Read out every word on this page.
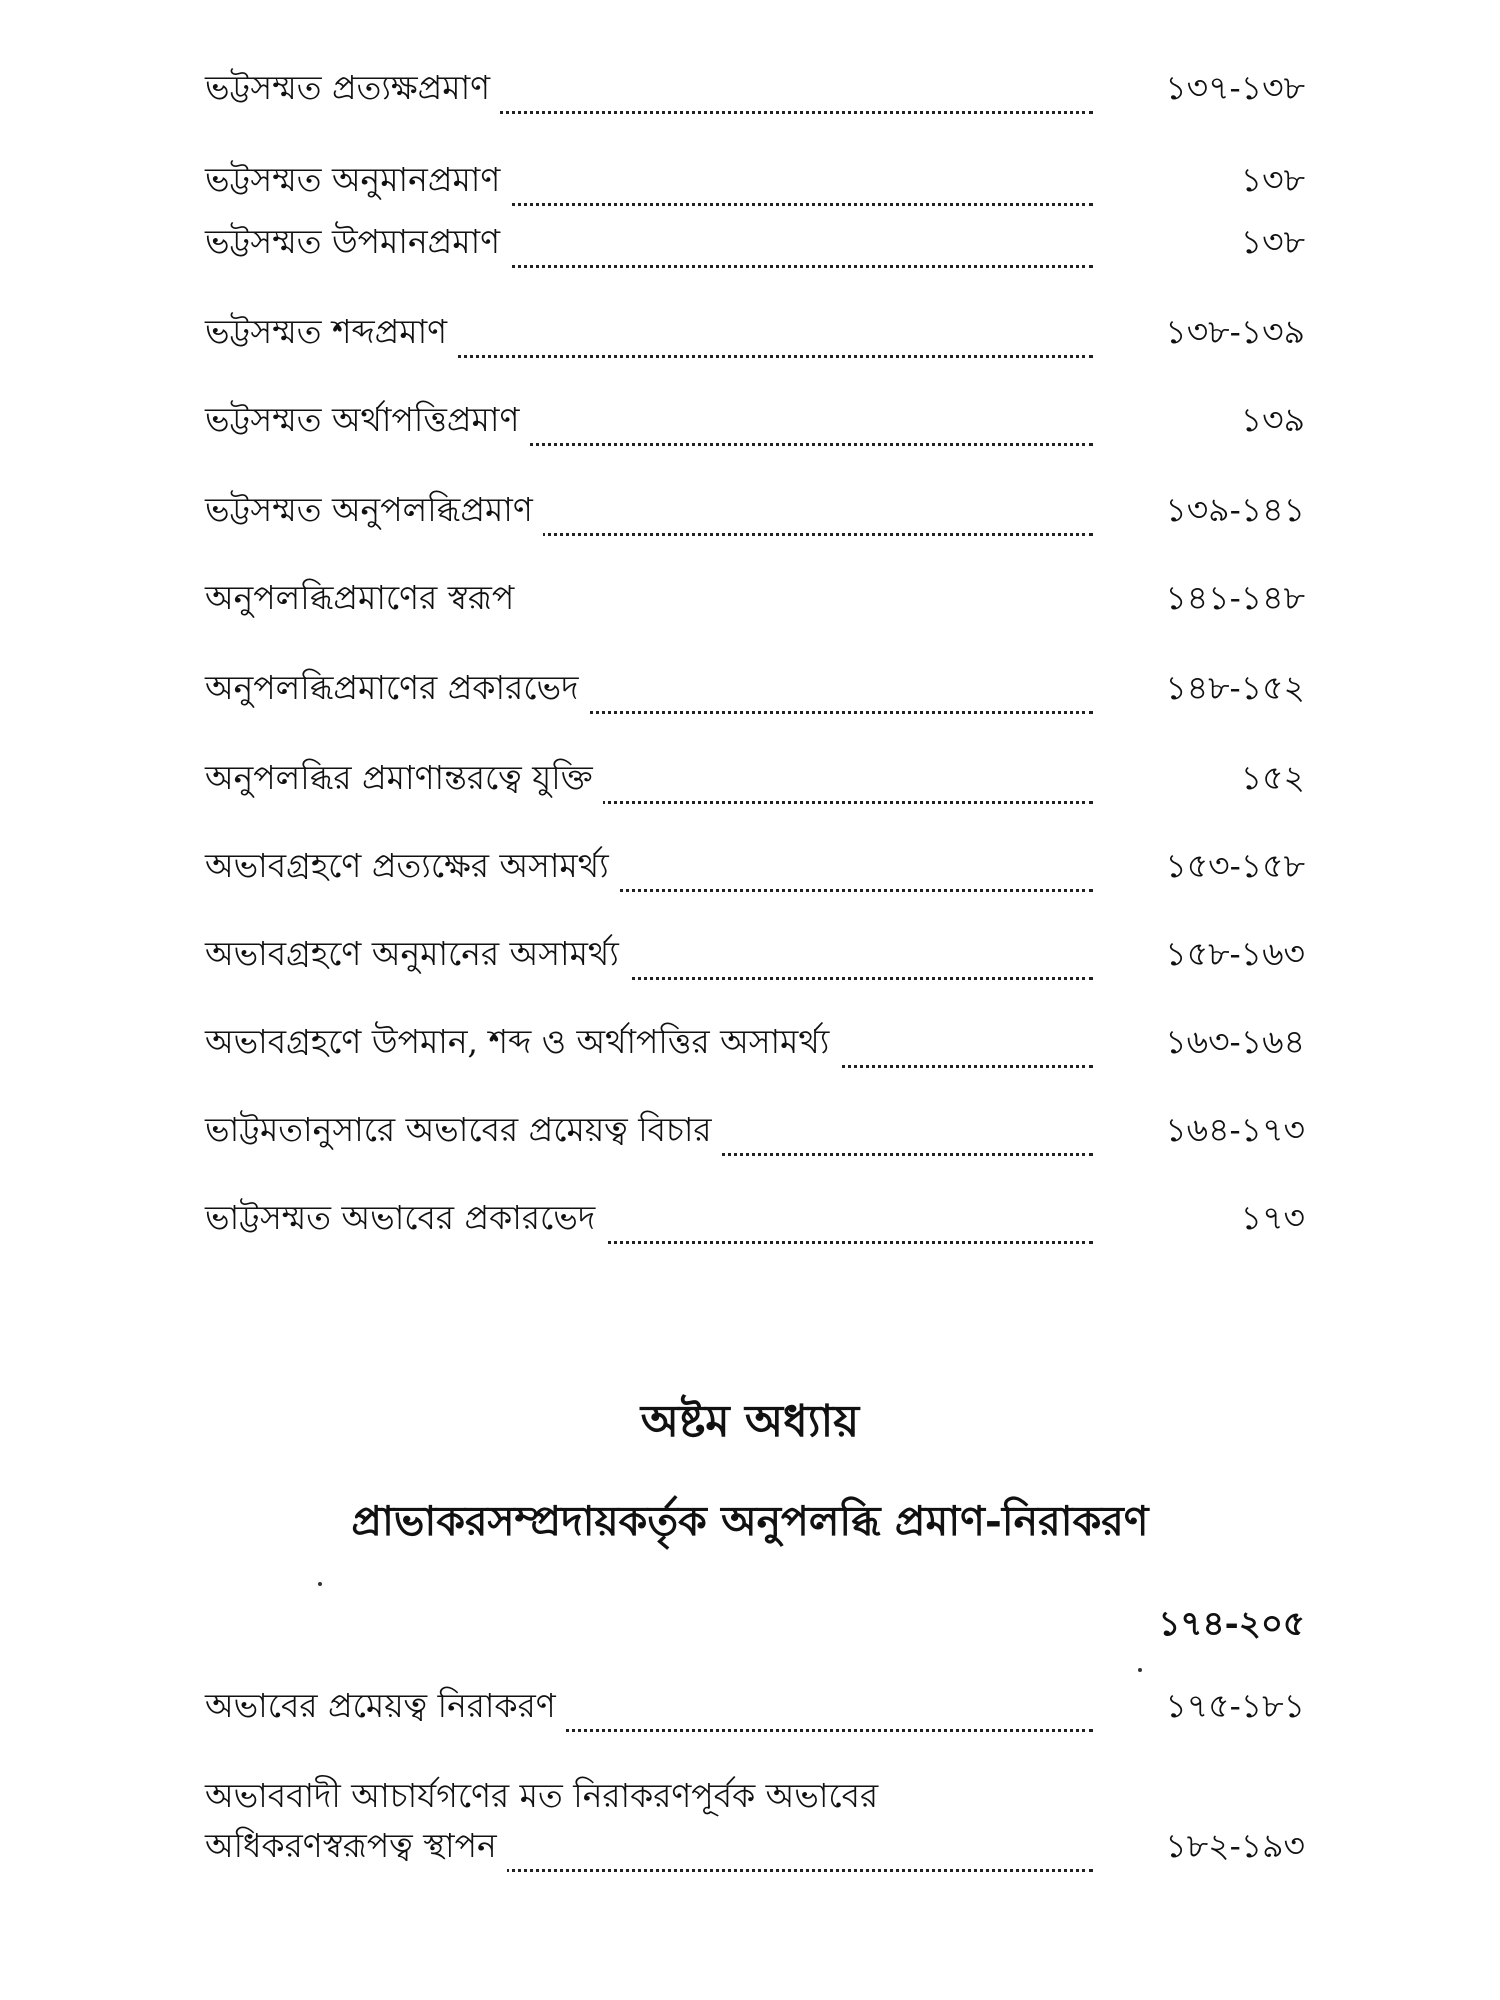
ভট্টসম্মত প্রত্যক্ষপ্রমাণ	১৩৭-১৩৮
ভট্টসম্মত অনুমানপ্রমাণ	১৩৮
ভট্টসম্মত উপমানপ্রমাণ	১৩৮
ভট্টসম্মত শব্দপ্রমাণ	১৩৮-১৩৯
ভট্টসম্মত অর্থাপত্তিপ্রমাণ	১৩৯
ভট্টসম্মত অনুপলব্ধিপ্রমাণ	১৩৯-১৪১
অনুপলব্ধিপ্রমাণের স্বরূপ	১৪১-১৪৮
অনুপলব্ধিপ্রমাণের প্রকারভেদ	১৪৮-১৫২
অনুপলব্ধির প্রমাণান্তরত্বে যুক্তি	১৫২
অভাবগ্রহণে প্রত্যক্ষের অসামর্থ্য	১৫৩-১৫৮
অভাবগ্রহণে অনুমানের অসামর্থ্য	১৫৮-১৬৩
অভাবগ্রহণে উপমান, শব্দ ও অর্থাপত্তির অসামর্থ্য	১৬৩-১৬৪
ভাট্টমতানুসারে অভাবের প্রমেয়ত্ব বিচার	১৬৪-১৭৩
ভাট্টসম্মত অভাবের প্রকারভেদ	১৭৩
অষ্টম অধ্যায়
প্রাভাকরসম্প্রদায়কর্তৃক অনুপলব্ধি প্রমাণ-নিরাকরণ
১৭৪-২০৫
অভাবের প্রমেয়ত্ব নিরাকরণ	১৭৫-১৮১
অভাববাদী আচার্যগণের মত নিরাকরণপূর্বক অভাবের
অধিকরণস্বরূপত্ব স্থাপন	১৮২-১৯৩
